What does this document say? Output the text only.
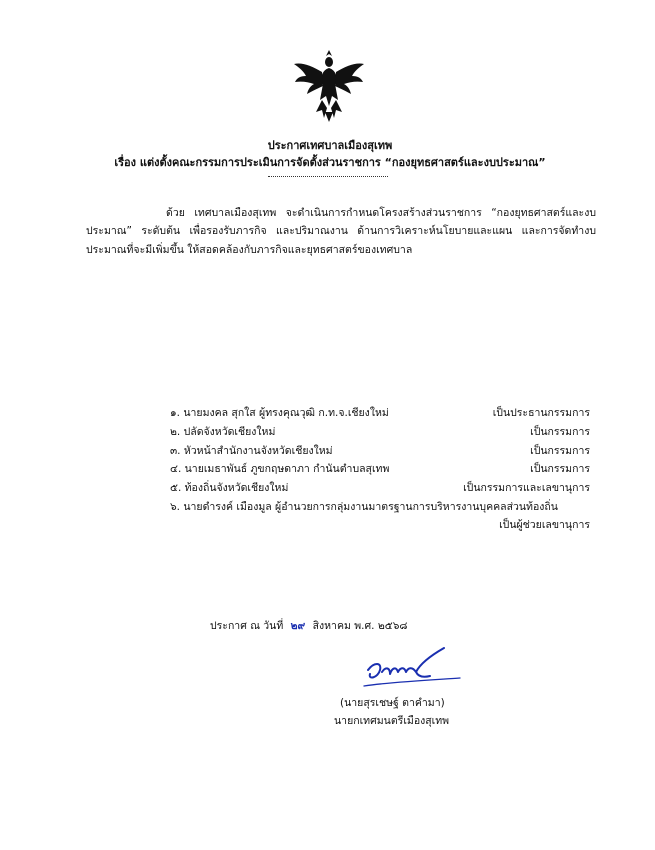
ประกาศเทศบาลเมืองสุเทพ
เรื่อง แต่งตั้งคณะกรรมการประเมินการจัดตั้งส่วนราชการ “กองยุทธศาสตร์และงบประมาณ”

ด้วย เทศบาลเมืองสุเทพ จะดำเนินการกำหนดโครงสร้างส่วนราชการ “กองยุทธศาสตร์และงบประมาณ” ระดับต้น เพื่อรองรับภารกิจ และปริมาณงาน ด้านการวิเคราะห์นโยบายและแผน และการจัดทำงบประมาณที่จะมีเพิ่มขึ้น ให้สอดคล้องกับภารกิจและยุทธศาสตร์ของเทศบาล

๑. นายมงคล สุกใส ผู้ทรงคุณวุฒิ ก.ท.จ.เชียงใหม่	เป็นประธานกรรมการ
๒. ปลัดจังหวัดเชียงใหม่	เป็นกรรมการ
๓. หัวหน้าสำนักงานจังหวัดเชียงใหม่	เป็นกรรมการ
๔. นายเมธาพันธ์ ภูขกฤษดาภา กำนันตำบลสุเทพ	เป็นกรรมการ
๕. ท้องถิ่นจังหวัดเชียงใหม่	เป็นกรรมการและเลขานุการ
๖. นายดำรงค์ เมืองมูล ผู้อำนวยการกลุ่มงานมาตรฐานการบริหารงานบุคคลส่วนท้องถิ่น
เป็นผู้ช่วยเลขานุการ

ประกาศ ณ วันที่ ๒๙ สิงหาคม พ.ศ. ๒๕๖๘
(นายสุรเชษฐ์ ตาคำมา)
นายกเทศมนตรีเมืองสุเทพ
